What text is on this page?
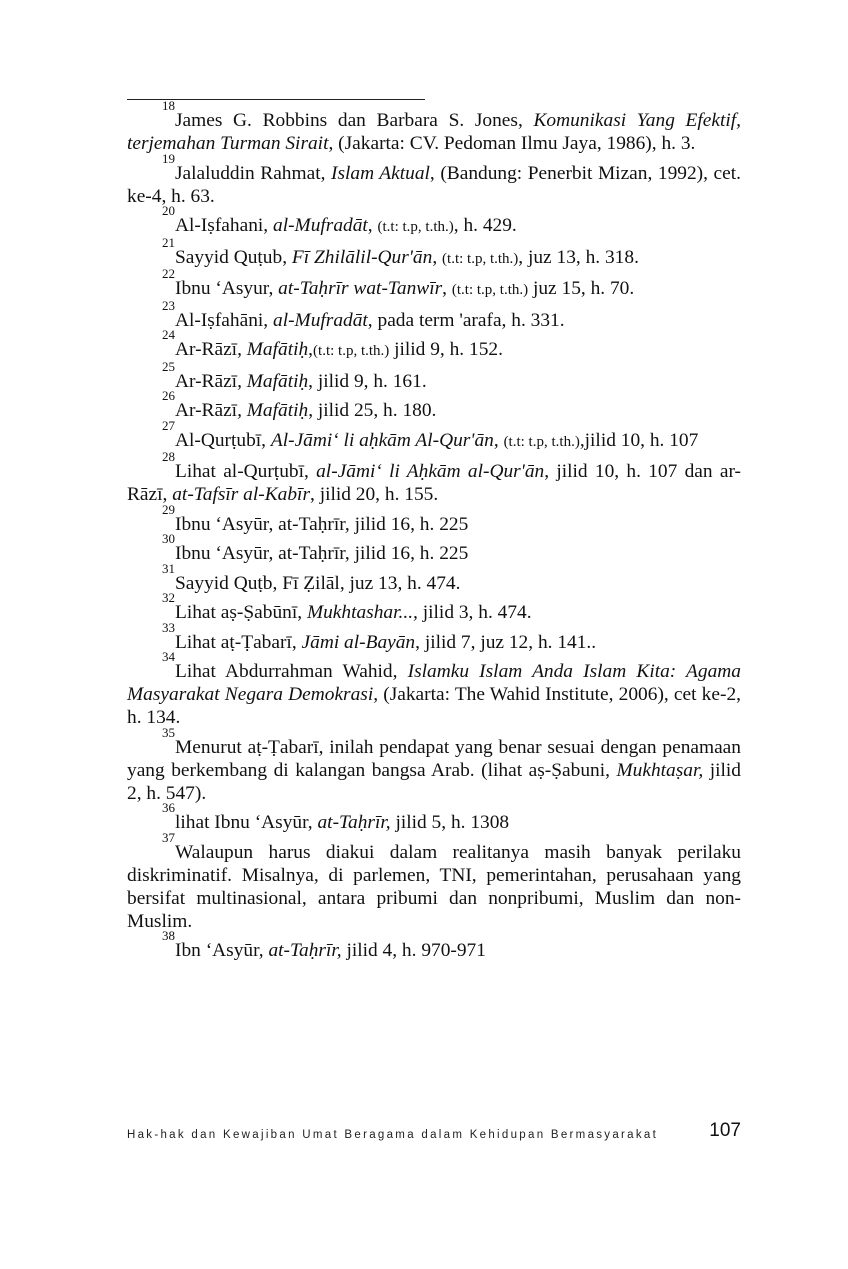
$^{18}$James G. Robbins dan Barbara S. Jones, Komunikasi Yang Efektif, terjemahan Turman Sirait, (Jakarta: CV. Pedoman Ilmu Jaya, 1986), h. 3.

$^{19}$Jalaluddin Rahmat, Islam Aktual, (Bandung: Penerbit Mizan, 1992), cet. ke-4, h. 63.

$^{20}$Al-Iṣfahani, al-Mufradāt, (t.t: t.p, t.th.), h. 429.

$^{21}$Sayyid Quṭub, Fī Zhilālil-Qur'ān, (t.t: t.p, t.th.), juz 13, h. 318.

$^{22}$Ibnu ‘Asyur, at-Taḥrīr wat-Tanwīr, (t.t: t.p, t.th.) juz 15, h. 70.

$^{23}$Al-Iṣfahāni, al-Mufradāt, pada term 'arafa, h. 331.

$^{24}$Ar-Rāzī, Mafātiḥ,(t.t: t.p, t.th.) jilid 9, h. 152.

$^{25}$Ar-Rāzī, Mafātiḥ, jilid 9, h. 161.

$^{26}$Ar-Rāzī, Mafātiḥ, jilid 25, h. 180.

$^{27}$Al-Qurṭubī, Al-Jāmi‘ li aḥkām Al-Qur'ān, (t.t: t.p, t.th.),jilid 10, h. 107

$^{28}$Lihat al-Qurṭubī, al-Jāmi‘ li Aḥkām al-Qur'ān, jilid 10, h. 107 dan ar-Rāzī, at-Tafsīr al-Kabīr, jilid 20, h. 155.

$^{29}$Ibnu ‘Asyūr, at-Taḥrīr, jilid 16, h. 225

$^{30}$Ibnu ‘Asyūr, at-Taḥrīr, jilid 16, h. 225

$^{31}$Sayyid Quṭb, Fī Ẓilāl, juz 13, h. 474.

$^{32}$Lihat aṣ-Ṣabūnī, Mukhtashar..., jilid 3, h. 474.

$^{33}$Lihat aṭ-Ṭabarī, Jāmi al-Bayān, jilid 7, juz 12, h. 141..

$^{34}$Lihat Abdurrahman Wahid, Islamku Islam Anda Islam Kita: Agama Masyarakat Negara Demokrasi, (Jakarta: The Wahid Institute, 2006), cet ke-2, h. 134.

$^{35}$Menurut aṭ-Ṭabarī, inilah pendapat yang benar sesuai dengan penamaan yang berkembang di kalangan bangsa Arab. (lihat aṣ-Ṣabuni, Mukhtaṣar, jilid 2, h. 547).

$^{36}$lihat Ibnu ‘Asyūr, at-Taḥrīr, jilid 5, h. 1308

$^{37}$Walaupun harus diakui dalam realitanya masih banyak perilaku diskriminatif. Misalnya, di parlemen, TNI, pemerintahan, perusahaan yang bersifat multinasional, antara pribumi dan nonpribumi, Muslim dan non-Muslim.

$^{38}$Ibn ‘Asyūr, at-Taḥrīr, jilid 4, h. 970-971

Hak-hak dan Kewajiban Umat Beragama dalam Kehidupan Bermasyarakat	107
